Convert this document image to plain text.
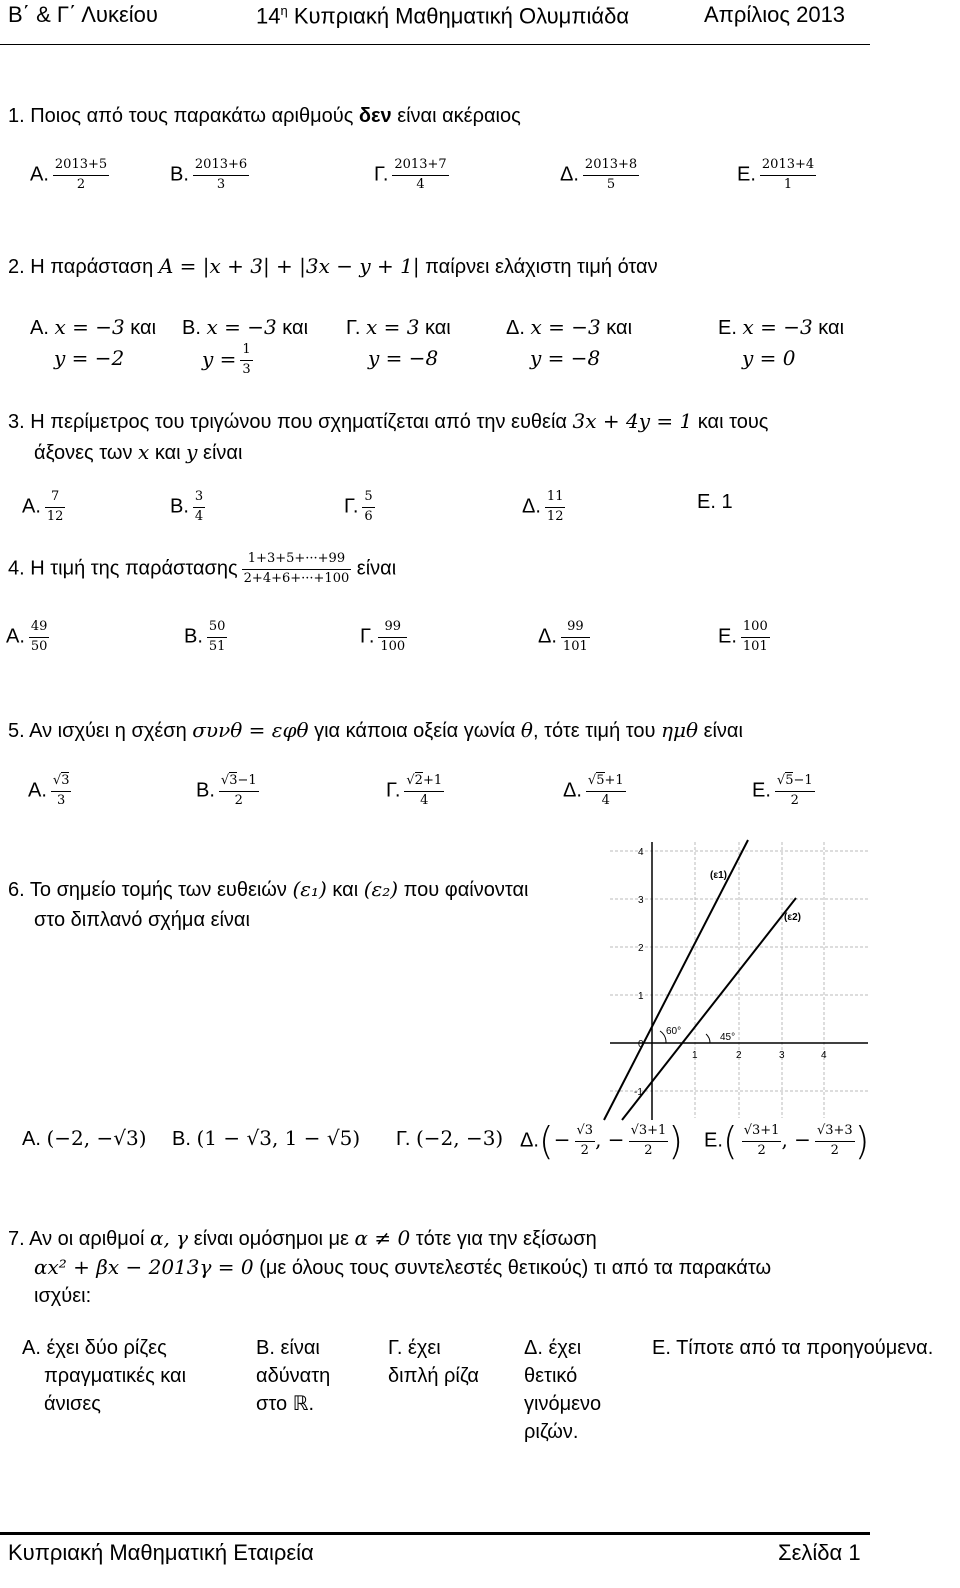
Β΄ & Γ΄ Λυκείου	$14^\eta$ Κυπριακή Μαθηματική Ολυμπιάδα	Απρίλιος 2013
1. Ποιος από τους παρακάτω αριθμούς δεν είναι ακέραιος
Α. $\frac{2013+5}{2}$	Β. $\frac{2013+6}{3}$	Γ. $\frac{2013+7}{4}$	Δ. $\frac{2013+8}{5}$	Ε. $\frac{2013+4}{1}$
2. Η παράσταση A = |x + 3| + |3x − y + 1| παίρνει ελάχιστη τιμή όταν
Α. x = −3 και
y = −2
Β. x = −3 και
$y = \frac{1}{3}$
Γ. x = 3 και
y = −8
Δ. x = −3 και
y = −8
Ε. x = −3 και
y = 0
3. Η περίμετρος του τριγώνου που σχηματίζεται από την ευθεία 3x + 4y = 1 και τους
άξονες των x και y είναι
Α. $\frac{7}{12}$	Β. $\frac{3}{4}$	Γ. $\frac{5}{6}$	Δ. $\frac{11}{12}$	Ε. 1
4. Η τιμή της παράστασης $\frac{1+3+5+\cdot\cdot\cdot+99}{2+4+6+\cdot\cdot\cdot+100}$ είναι
Α. $\frac{49}{50}$	Β. $\frac{50}{51}$	Γ. $\frac{99}{100}$	Δ. $\frac{99}{101}$	Ε. $\frac{100}{101}$
5. Αν ισχύει η σχέση συνθ = εφθ για κάποια οξεία γωνία θ, τότε τιμή του ημθ είναι
Α. $\frac{√3}{3}$	Β. $\frac{√3-1}{2}$	Γ. $\frac{√2+1}{4}$	Δ. $\frac{√5+1}{4}$	Ε. $\frac{√5-1}{2}$
6. Το σημείο τομής των ευθειών (ε₁) και (ε₂) που φαίνονται
στο διπλανό σχήμα είναι
(ε1)
(ε2)
60°
45°
4
3
2
1
0
-1
1	2	3	4
Α. (−2, −√3) Β. (1 − √3, 1 − √5) Γ. (−2, −3) $\Delta.(- \frac{√3}{2}$ , − $\frac{√3+1}{2}$ ) $E.( \frac{√3+1}{2}$ , − $\frac{√3+3}{2}$ )
7. Αν οι αριθμοί α, γ είναι ομόσημοι με α ≠ 0 τότε για την εξίσωση
αx² + βx − 2013γ = 0 (με όλους τους συντελεστές θετικούς) τι από τα παρακάτω
ισχύει:
Α. έχει δύο ρίζες
πραγματικές και
άνισες
Β. είναι
αδύνατη
στο ℝ.
Γ. έχει
διπλή ρίζα
Δ. έχει
θετικό
γινόμενο
ριζών.
Ε. Τίποτε από τα προηγούμενα.
Κυπριακή Μαθηματική Εταιρεία	Σελίδα 1
